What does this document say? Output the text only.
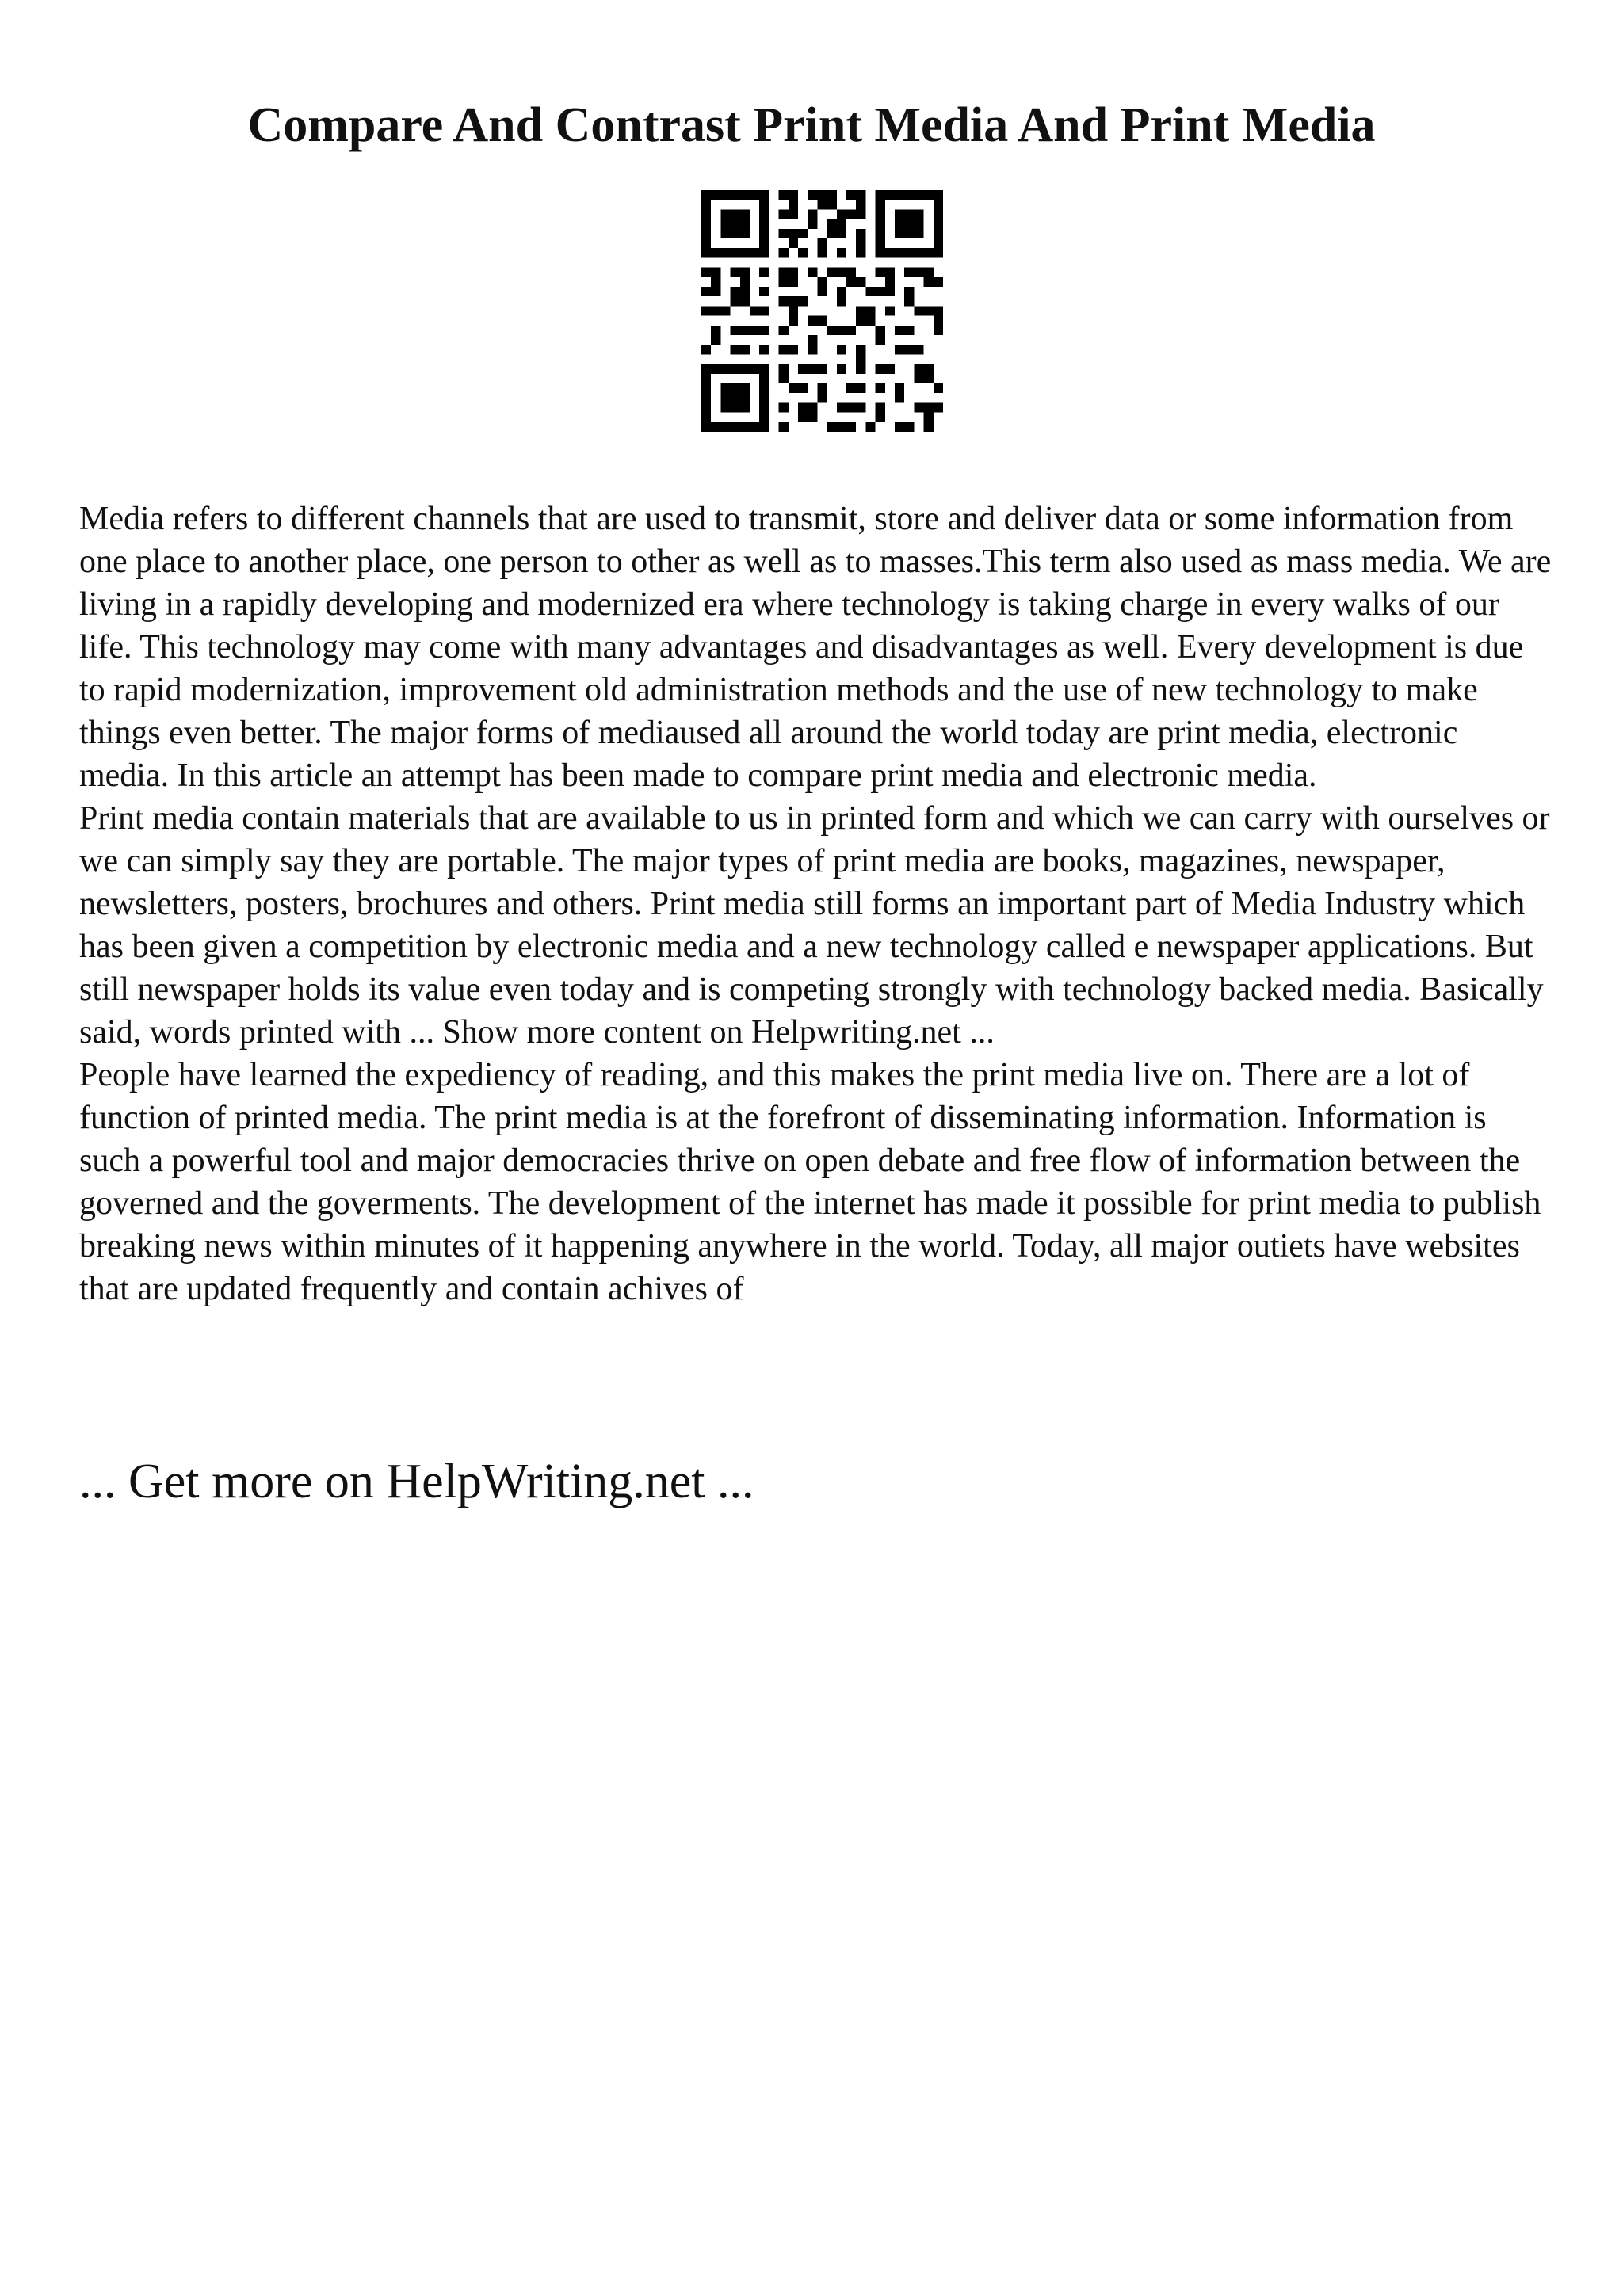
Compare And Contrast Print Media And Print Media

Media refers to different channels that are used to transmit, store and deliver data or some information from one place to another place, one person to other as well as to masses.This term also used as mass media. We are living in a rapidly developing and modernized era where technology is taking charge in every walks of our life. This technology may come with many advantages and disadvantages as well. Every development is due to rapid modernization, improvement old administration methods and the use of new technology to make things even better. The major forms of mediaused all around the world today are print media, electronic media. In this article an attempt has been made to compare print media and electronic media.

Print media contain materials that are available to us in printed form and which we can carry with ourselves or we can simply say they are portable. The major types of print media are books, magazines, newspaper, newsletters, posters, brochures and others. Print media still forms an important part of Media Industry which has been given a competition by electronic media and a new technology called e newspaper applications. But still newspaper holds its value even today and is competing strongly with technology backed media. Basically said, words printed with ... Show more content on Helpwriting.net ...

People have learned the expediency of reading, and this makes the print media live on. There are a lot of function of printed media. The print media is at the forefront of disseminating information. Information is such a powerful tool and major democracies thrive on open debate and free flow of information between the governed and the goverments. The development of the internet has made it possible for print media to publish breaking news within minutes of it happening anywhere in the world. Today, all major outiets have websites that are updated frequently and contain achives of

... Get more on HelpWriting.net ...
